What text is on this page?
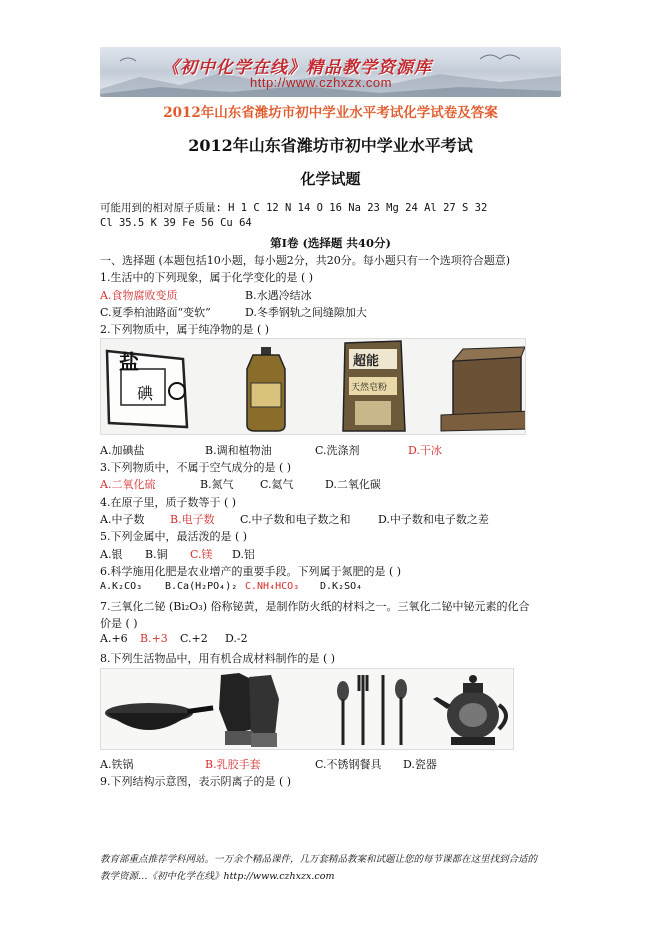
《初中化学在线》精品教学资源库
http://www.czhxzx.com
2012年山东省潍坊市初中学业水平考试化学试卷及答案
2012年山东省潍坊市初中学业水平考试
化学试题
可能用到的相对原子质量: H 1 C 12 N 14 O 16 Na 23 Mg 24 Al 27 S 32
Cl 35.5 K 39 Fe 56 Cu 64
第I卷 (选择题 共40分)
一、选择题 (本题包括10小题，每小题2分，共20分。每小题只有一个选项符合题意)
1.生活中的下列现象，属于化学变化的是 ( )
A.食物腐败变质	B.水遇冷结冰
C.夏季柏油路面“变软”	D.冬季钢轨之间缝隙加大
2.下列物质中，属于纯净物的是 ( )
盐
碘
超能
天然皂粉
A.加碘盐	B.调和植物油	C.洗涤剂	D.干冰
3.下列物质中，不属于空气成分的是 ( )
A.二氧化硫	B.氮气 C.氦气	D.二氧化碳
4.在原子里，质子数等于 ( )
A.中子数 B.电子数 C.中子数和电子数之和 D.中子数和电子数之差
5.下列金属中，最活泼的是 ( )
A.银 B.铜 C.镁 D.铝
6.科学施用化肥是农业增产的重要手段。下列属于氮肥的是 ( )
A.K₂CO₃ B.Ca(H₂PO₄)₂ C.NH₄HCO₃ D.K₂SO₄
7.三氧化二铋 (Bi₂O₃) 俗称铋黄，是制作防火纸的材料之一。三氧化二铋中铋元素的化合
价是 ( )
A.+6 B.+3 C.+2 D.-2
8.下列生活物品中，用有机合成材料制作的是 ( )
A.铁锅	B.乳胶手套	C.不锈钢餐具 D.瓷器
9.下列结构示意图，表示阴离子的是 ( )
教育部重点推荐学科网站。一万余个精品课件，几万套精品教案和试题让您的每节课都在这里找到合适的
教学资源…《初中化学在线》http://www.czhxzx.com
